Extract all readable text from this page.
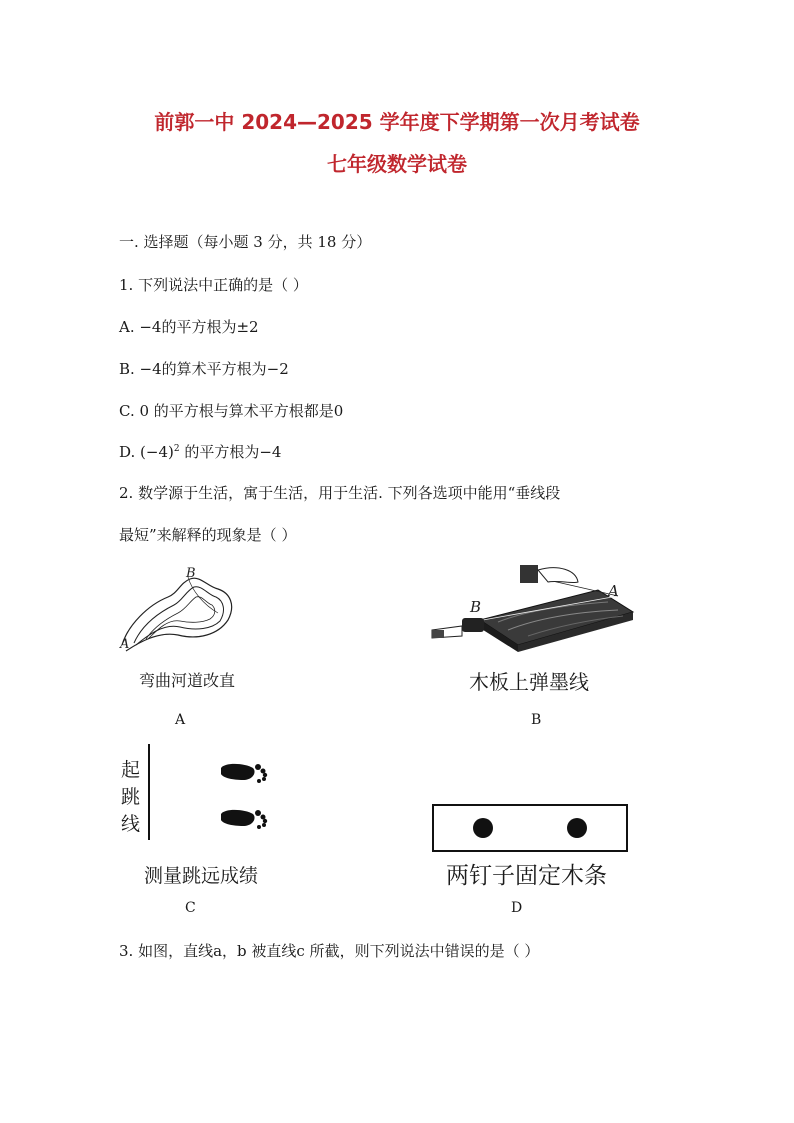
前郭一中 2024—2025 学年度下学期第一次月考试卷
七年级数学试卷
一. 选择题（每小题 3 分，共 18 分）
1. 下列说法中正确的是（ ）
A. −4的平方根为±2
B. −4的算术平方根为−2
C. 0 的平方根与算术平方根都是0
D. $(-4)^2$ 的平方根为−4
2. 数学源于生活，寓于生活，用于生活. 下列各选项中能用“垂线段
最短”来解释的现象是（ ）
B
A
弯曲河道改直
A
B
A
木板上弹墨线
B
起跳线
测量跳远成绩
C
两钉子固定木条
D
3. 如图，直线a，b 被直线c 所截，则下列说法中错误的是（ ）
